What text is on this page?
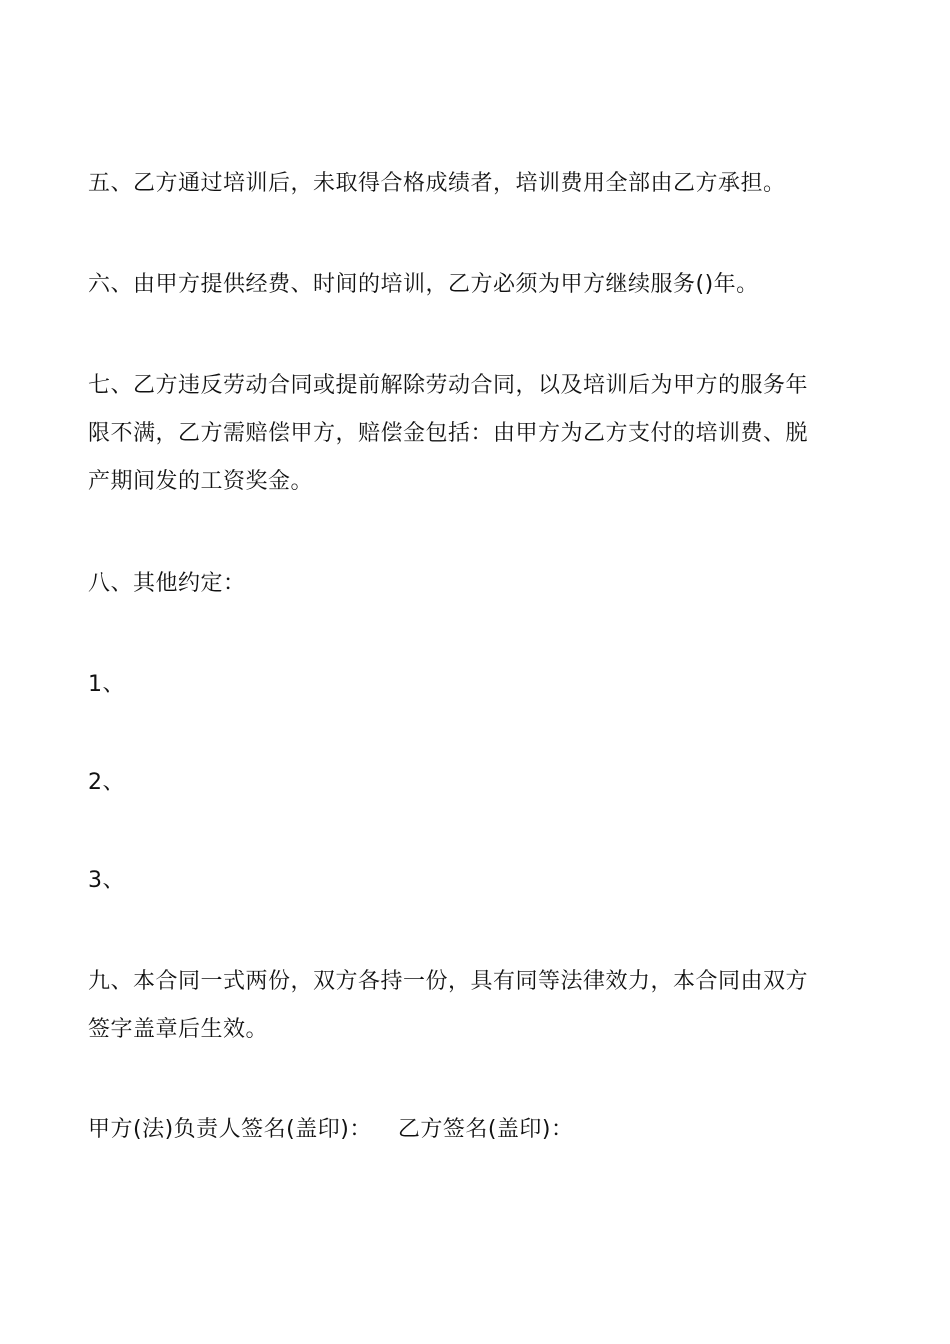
五、乙方通过培训后，未取得合格成绩者，培训费用全部由乙方承担。

六、由甲方提供经费、时间的培训，乙方必须为甲方继续服务()年。

七、乙方违反劳动合同或提前解除劳动合同，以及培训后为甲方的服务年
限不满，乙方需赔偿甲方，赔偿金包括：由甲方为乙方支付的培训费、脱
产期间发的工资奖金。

八、其他约定：

1、

2、

3、

九、本合同一式两份，双方各持一份，具有同等法律效力，本合同由双方
签字盖章后生效。

甲方(法)负责人签名(盖印)： 乙方签名(盖印)：
